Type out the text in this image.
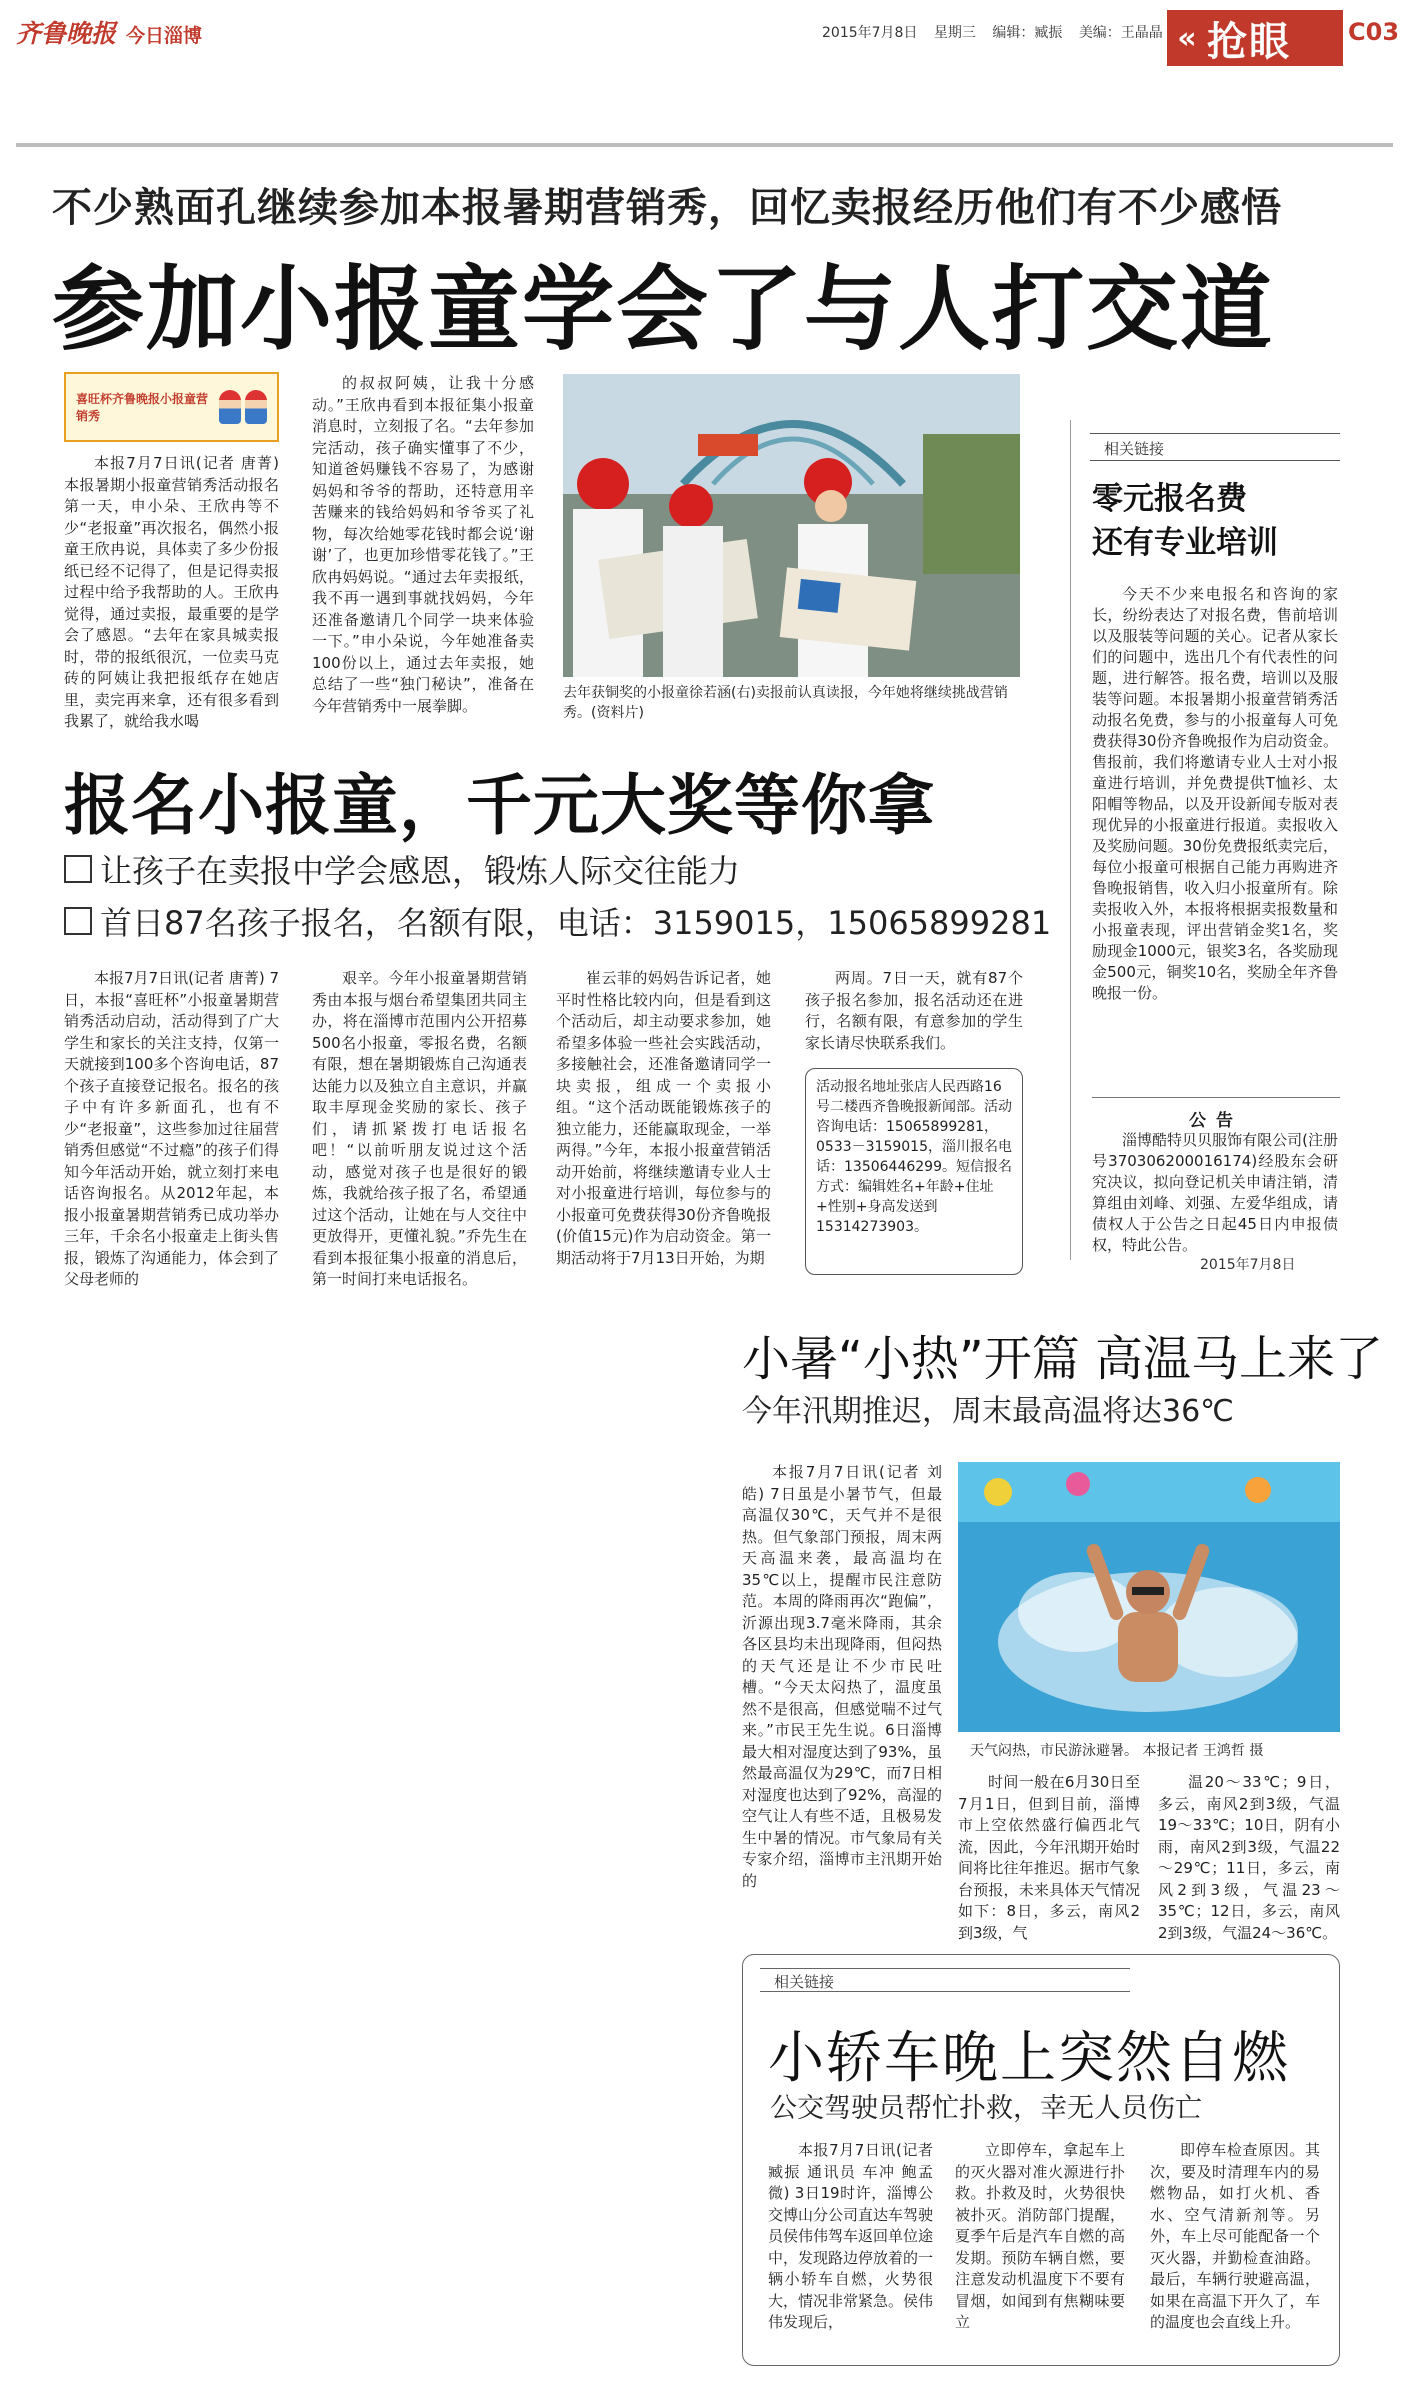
齐鲁晚报 今日淄博	2015年7月8日 星期三 编辑：臧振 美编：王晶晶 « 抢眼 C03
不少熟面孔继续参加本报暑期营销秀，回忆卖报经历他们有不少感悟
参加小报童学会了与人打交道
喜旺杯齐鲁晚报小报童营销秀

本报7月7日讯(记者 唐菁) 本报暑期小报童营销秀活动报名第一天，申小朵、王欣冉等不少“老报童”再次报名，偶然小报童王欣冉说，具体卖了多少份报纸已经不记得了，但是记得卖报过程中给予我帮助的人。王欣冉觉得，通过卖报，最重要的是学会了感恩。“去年在家具城卖报时，带的报纸很沉，一位卖马克砖的阿姨让我把报纸存在她店里，卖完再来拿，还有很多看到我累了，就给我水喝

的叔叔阿姨，让我十分感动。”王欣冉看到本报征集小报童消息时，立刻报了名。“去年参加完活动，孩子确实懂事了不少，知道爸妈赚钱不容易了，为感谢妈妈和爷爷的帮助，还特意用辛苦赚来的钱给妈妈和爷爷买了礼物，每次给她零花钱时都会说‘谢谢’了，也更加珍惜零花钱了。”王欣冉妈妈说。“通过去年卖报纸，我不再一遇到事就找妈妈，今年还准备邀请几个同学一块来体验一下。”申小朵说，今年她准备卖100份以上，通过去年卖报，她总结了一些“独门秘诀”，准备在今年营销秀中一展拳脚。

去年获铜奖的小报童徐若涵(右)卖报前认真读报，今年她将继续挑战营销秀。(资料片)
相关链接
零元报名费
还有专业培训

今天不少来电报名和咨询的家长，纷纷表达了对报名费，售前培训以及服装等问题的关心。记者从家长们的问题中，选出几个有代表性的问题，进行解答。报名费，培训以及服装等问题。本报暑期小报童营销秀活动报名免费，参与的小报童每人可免费获得30份齐鲁晚报作为启动资金。售报前，我们将邀请专业人士对小报童进行培训，并免费提供T恤衫、太阳帽等物品，以及开设新闻专版对表现优异的小报童进行报道。卖报收入及奖励问题。30份免费报纸卖完后，每位小报童可根据自己能力再购进齐鲁晚报销售，收入归小报童所有。除卖报收入外，本报将根据卖报数量和小报童表现，评出营销金奖1名，奖励现金1000元，银奖3名，各奖励现金500元，铜奖10名，奖励全年齐鲁晚报一份。

公告

淄博酷特贝贝服饰有限公司(注册号370306200016174)经股东会研究决议，拟向登记机关申请注销，清算组由刘峰、刘强、左爱华组成，请债权人于公告之日起45日内申报债权，特此公告。

2015年7月8日
报名小报童，千元大奖等你拿
让孩子在卖报中学会感恩，锻炼人际交往能力
首日87名孩子报名，名额有限，电话：3159015，15065899281

本报7月7日讯(记者 唐菁) 7日，本报“喜旺杯”小报童暑期营销秀活动启动，活动得到了广大学生和家长的关注支持，仅第一天就接到100多个咨询电话，87个孩子直接登记报名。报名的孩子中有许多新面孔，也有不少“老报童”，这些参加过往届营销秀但感觉“不过瘾”的孩子们得知今年活动开始，就立刻打来电话咨询报名。从2012年起，本报小报童暑期营销秀已成功举办三年，千余名小报童走上街头售报，锻炼了沟通能力，体会到了父母老师的

艰辛。今年小报童暑期营销秀由本报与烟台希望集团共同主办，将在淄博市范围内公开招募500名小报童，零报名费，名额有限，想在暑期锻炼自己沟通表达能力以及独立自主意识，并赢取丰厚现金奖励的家长、孩子们，请抓紧拨打电话报名吧！“以前听朋友说过这个活动，感觉对孩子也是很好的锻炼，我就给孩子报了名，希望通过这个活动，让她在与人交往中更放得开，更懂礼貌。”乔先生在看到本报征集小报童的消息后，第一时间打来电话报名。

崔云菲的妈妈告诉记者，她平时性格比较内向，但是看到这个活动后，却主动要求参加，她希望多体验一些社会实践活动，多接触社会，还准备邀请同学一块卖报，组成一个卖报小组。“这个活动既能锻炼孩子的独立能力，还能赢取现金，一举两得。”今年，本报小报童营销活动开始前，将继续邀请专业人士对小报童进行培训，每位参与的小报童可免费获得30份齐鲁晚报(价值15元)作为启动资金。第一期活动将于7月13日开始，为期

两周。7日一天，就有87个孩子报名参加，报名活动还在进行，名额有限，有意参加的学生家长请尽快联系我们。

活动报名地址张店人民西路16号二楼西齐鲁晚报新闻部。活动咨询电话：15065899281，0533－3159015，淄川报名电话：13506446299。短信报名方式：编辑姓名+年龄+住址+性别+身高发送到15314273903。
小暑“小热”开篇 高温马上来了
今年汛期推迟，周末最高温将达36℃

本报7月7日讯(记者 刘皓) 7日虽是小暑节气，但最高温仅30℃，天气并不是很热。但气象部门预报，周末两天高温来袭，最高温均在35℃以上，提醒市民注意防范。本周的降雨再次“跑偏”，沂源出现3.7毫米降雨，其余各区县均未出现降雨，但闷热的天气还是让不少市民吐槽。“今天太闷热了，温度虽然不是很高，但感觉喘不过气来。”市民王先生说。6日淄博最大相对湿度达到了93%，虽然最高温仅为29℃，而7日相对湿度也达到了92%，高湿的空气让人有些不适，且极易发生中暑的情况。市气象局有关专家介绍，淄博市主汛期开始的

天气闷热，市民游泳避暑。 本报记者 王鸿哲 摄

时间一般在6月30日至7月1日，但到目前，淄博市上空依然盛行偏西北气流，因此，今年汛期开始时间将比往年推迟。据市气象台预报，未来具体天气情况如下：8日，多云，南风2到3级，气

温20～33℃；9日，多云，南风2到3级，气温19～33℃；10日，阴有小雨，南风2到3级，气温22～29℃；11日，多云，南风2到3级，气温23～35℃；12日，多云，南风2到3级，气温24～36℃。

相关链接
小轿车晚上突然自燃
公交驾驶员帮忙扑救，幸无人员伤亡

本报7月7日讯(记者 臧振 通讯员 车冲 鲍孟微) 3日19时许，淄博公交博山分公司直达车驾驶员侯伟伟驾车返回单位途中，发现路边停放着的一辆小轿车自燃，火势很大，情况非常紧急。侯伟伟发现后，

立即停车，拿起车上的灭火器对准火源进行扑救。扑救及时，火势很快被扑灭。消防部门提醒，夏季午后是汽车自燃的高发期。预防车辆自燃，要注意发动机温度下不要有冒烟，如闻到有焦糊味要立

即停车检查原因。其次，要及时清理车内的易燃物品，如打火机、香水、空气清新剂等。另外，车上尽可能配备一个灭火器，并勤检查油路。最后，车辆行驶避高温，如果在高温下开久了，车的温度也会直线上升。
